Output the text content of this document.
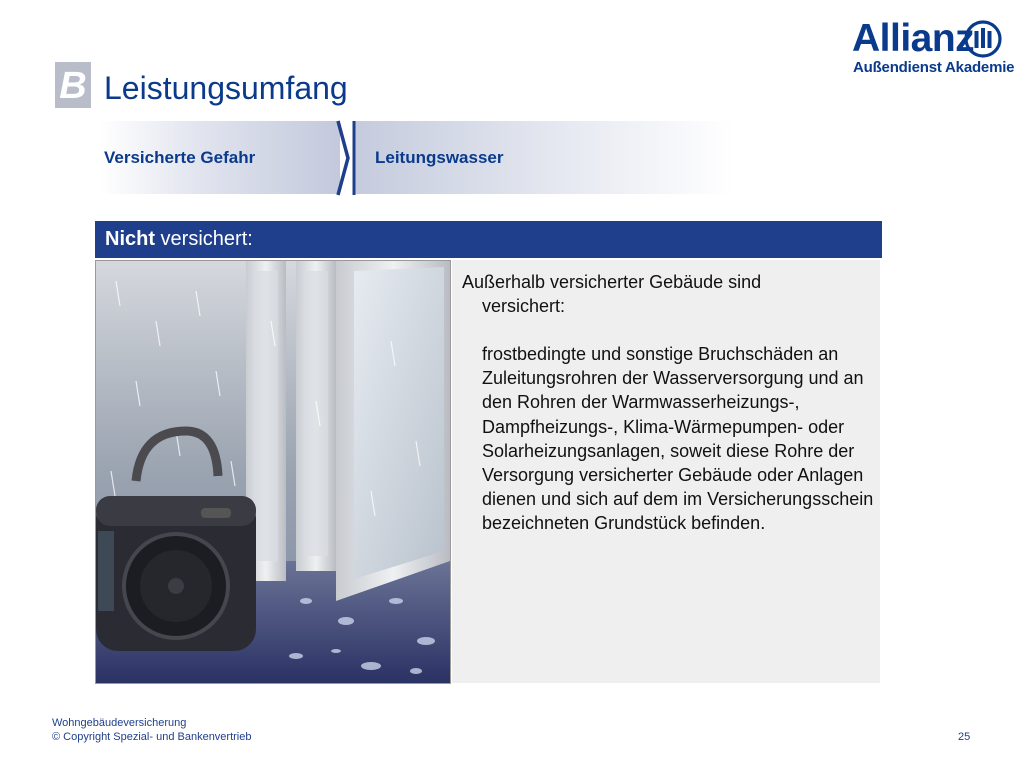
Allianz
Außendienst Akademie
B Leistungsumfang
Versicherte Gefahr	Leitungswasser
Nicht versichert:
Außerhalb versicherter Gebäude sind
versichert:
frostbedingte und sonstige Bruchschäden an Zuleitungsrohren der Wasserversorgung und an den Rohren der Warmwasserheizungs-, Dampfheizungs-, Klima-Wärmepumpen- oder Solarheizungsanlagen, soweit diese Rohre der Versorgung versicherter Gebäude oder Anlagen dienen und sich auf dem im Versicherungsschein bezeichneten Grundstück befinden.
Wohngebäudeversicherung
© Copyright Spezial- und Bankenvertrieb	25
